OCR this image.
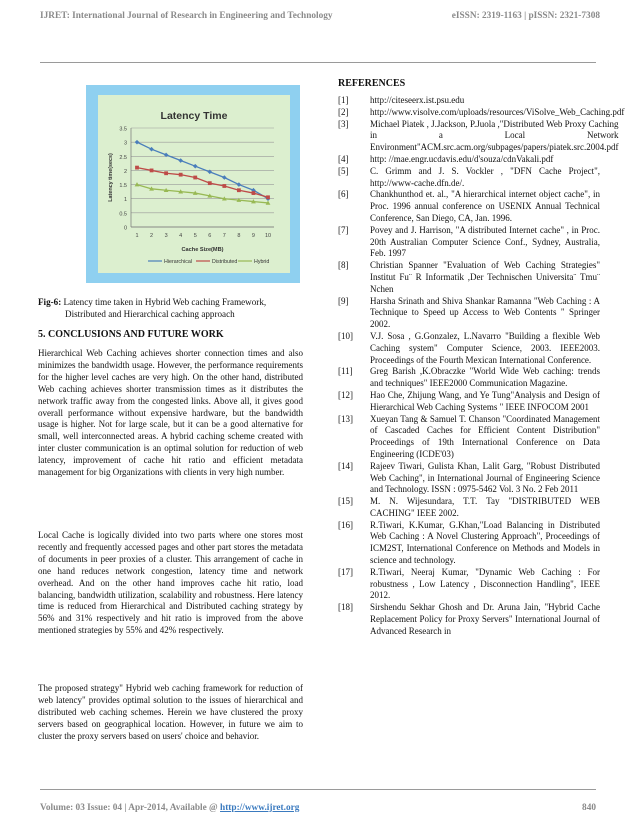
IJRET: International Journal of Research in Engineering and Technology	eISSN: 2319-1163 | pISSN: 2321-7308
Latency Time
0
0.5
1
1.5
2
2.5
3
3.5
1 2 3 4 5 6 7 8 9 10
Cache Size(MB)
Latency time(secs)
Hierarchical	Distributed	Hybrid
Fig-6: Latency time taken in Hybrid Web caching Framework,
Distributed and Hierarchical caching approach
5. CONCLUSIONS AND FUTURE WORK

Hierarchical Web Caching achieves shorter connection times and also minimizes the bandwidth usage. However, the performance requirements for the higher level caches are very high. On the other hand, distributed Web caching achieves shorter transmission times as it distributes the network traffic away from the congested links. Above all, it gives good overall performance without expensive hardware, but the bandwidth usage is higher. Not for large scale, but it can be a good alternative for small, well interconnected areas. A hybrid caching scheme created with inter cluster communication is an optimal solution for reduction of web latency, improvement of cache hit ratio and efficient metadata management for big Organizations with clients in very high number.

Local Cache is logically divided into two parts where one stores most recently and frequently accessed pages and other part stores the metadata of documents in peer proxies of a cluster. This arrangement of cache in one hand reduces network congestion, latency time and network overhead. And on the other hand improves cache hit ratio, load balancing, bandwidth utilization, scalability and robustness. Here latency time is reduced from Hierarchical and Distributed caching strategy by 56% and 31% respectively and hit ratio is improved from the above mentioned strategies by 55% and 42% respectively.

The proposed strategy" Hybrid web caching framework for reduction of web latency" provides optimal solution to the issues of hierarchical and distributed web caching schemes. Herein we have clustered the proxy servers based on geographical location. However, in future we aim to cluster the proxy servers based on users' choice and behavior.

REFERENCES
[1]	http://citeseerx.ist.psu.edu
[2]	http://www.visolve.com/uploads/resources/ViSolve_Web_Caching.pdf
[3]	Michael Piatek , J.Jackson, P.Juola ,"Distributed Web Proxy Caching in a Local Network Environment"ACM.src.acm.org/subpages/papers/piatek.src.2004.pdf
[4]	http: //mae.engr.ucdavis.edu/d'souza/cdnVakali.pdf
[5]	C. Grimm and J. S. Vockler , "DFN Cache Project", http://www-cache.dfn.de/.
[6]	Chankhunthod et. al., "A hierarchical internet object cache", in Proc. 1996 annual conference on USENIX Annual Technical Conference, San Diego, CA, Jan. 1996.
[7]	Povey and J. Harrison, "A distributed Internet cache" , in Proc. 20th Australian Computer Science Conf., Sydney, Australia, Feb. 1997
[8]	Christian Spanner "Evaluation of Web Caching Strategies" Institut Fu¨ R Informatik ,Der Technischen Universita¨ Tmu¨ Nchen
[9]	Harsha Srinath and Shiva Shankar Ramanna "Web Caching : A Technique to Speed up Access to Web Contents " Springer 2002.
[10]	V.J. Sosa , G.Gonzalez, L.Navarro "Building a flexible Web Caching system" Computer Science, 2003. IEEE2003. Proceedings of the Fourth Mexican International Conference.
[11]	Greg Barish ,K.Obraczke "World Wide Web caching: trends and techniques" IEEE2000 Communication Magazine.
[12]	Hao Che, Zhijung Wang, and Ye Tung"Analysis and Design of Hierarchical Web Caching Systems " IEEE INFOCOM 2001
[13]	Xueyan Tang & Samuel T. Chanson "Coordinated Management of Cascaded Caches for Efficient Content Distribution" Proceedings of 19th International Conference on Data Engineering (ICDE'03)
[14]	Rajeev Tiwari, Gulista Khan, Lalit Garg, "Robust Distributed Web Caching", in International Journal of Engineering Science and Technology. ISSN : 0975-5462 Vol. 3 No. 2 Feb 2011
[15]	M. N. Wijesundara, T.T. Tay "DISTRIBUTED WEB CACHING" IEEE 2002.
[16]	R.Tiwari, K.Kumar, G.Khan,"Load Balancing in Distributed Web Caching : A Novel Clustering Approach", Proceedings of ICM2ST, International Conference on Methods and Models in science and technology.
[17]	R.Tiwari, Neeraj Kumar, "Dynamic Web Caching : For robustness , Low Latency , Disconnection Handling", IEEE 2012.
[18]	Sirshendu Sekhar Ghosh and Dr. Aruna Jain, "Hybrid Cache Replacement Policy for Proxy Servers" International Journal of Advanced Research in
Volume: 03 Issue: 04 | Apr-2014, Available @ http://www.ijret.org	840
